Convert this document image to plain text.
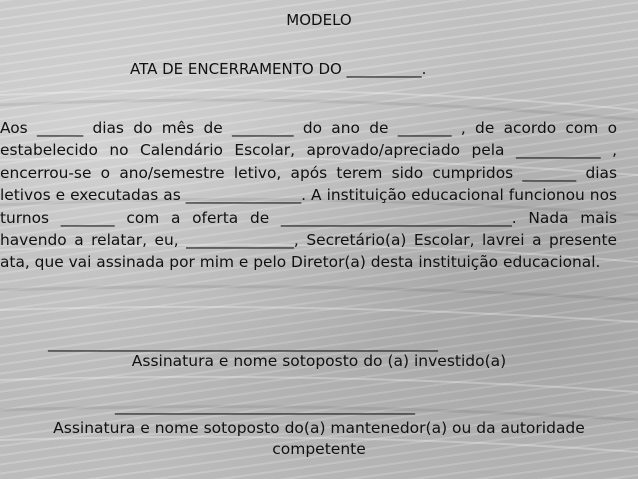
MODELO
ATA DE ENCERRAMENTO DO __________.

Aos ______ dias do mês de ________ do ano de _______ , de acordo com o estabelecido no Calendário Escolar, aprovado/apreciado pela ___________ , encerrou-se o ano/semestre letivo, após terem sido cumpridos _______ dias letivos e executadas as _______________. A instituição educacional funcionou nos turnos _______ com a oferta de ______________________________. Nada mais havendo a relatar, eu, ______________, Secretário(a) Escolar, lavrei a presente ata, que vai assinada por mim e pelo Diretor(a) desta instituição educacional.

____________________________________________________
Assinatura e nome sotoposto do (a) investido(a)
________________________________________
Assinatura e nome sotoposto do(a) mantenedor(a) ou da autoridade
competente
